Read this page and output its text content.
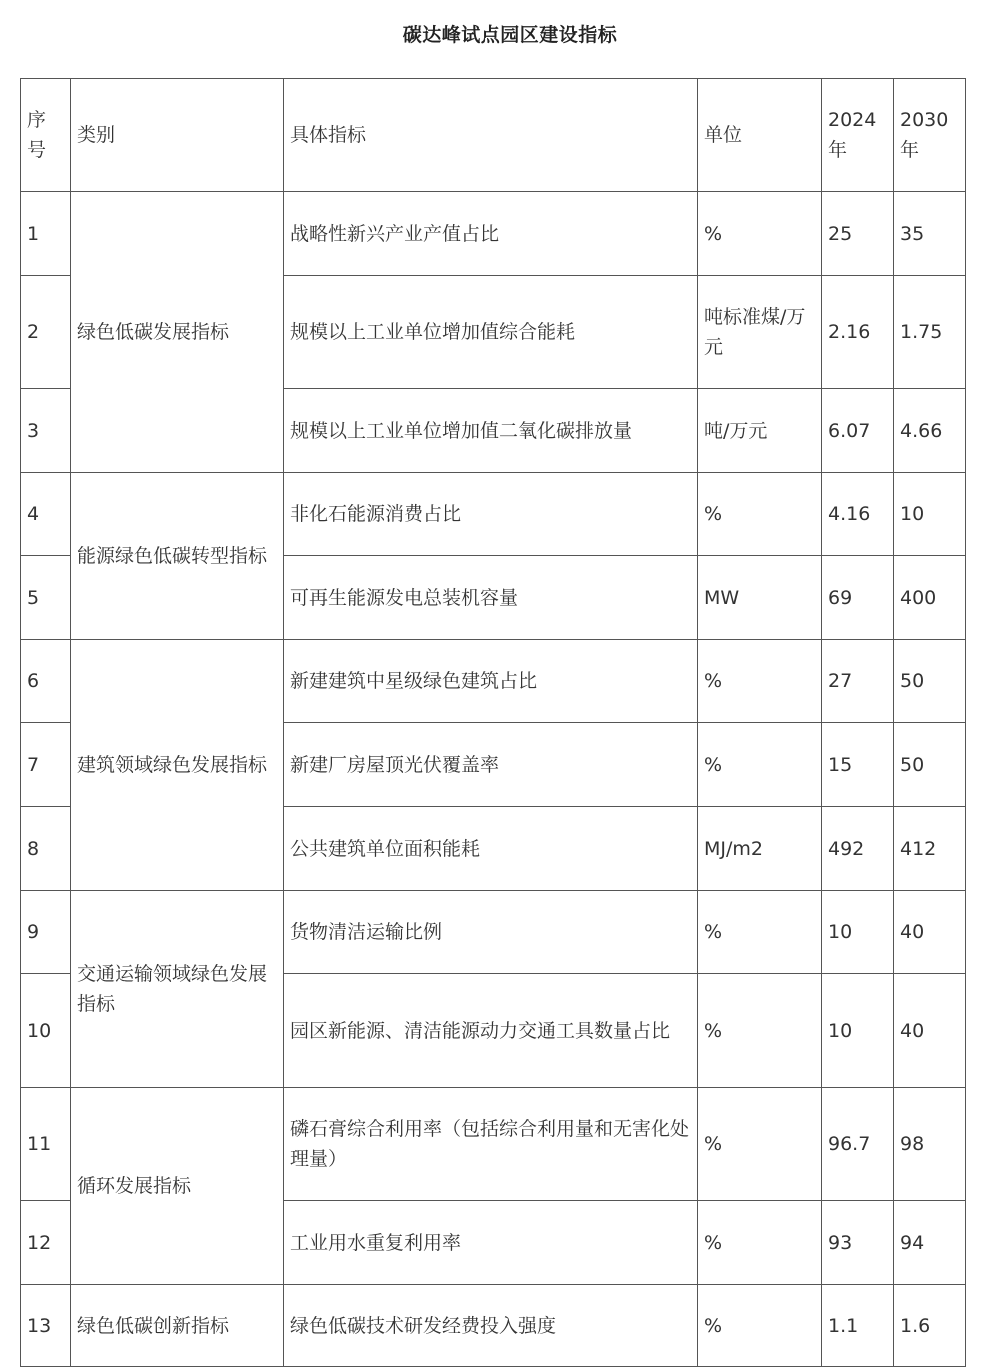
碳达峰试点园区建设指标
序号	类别	具体指标	单位	2024年	2030年
1	绿色低碳发展指标	战略性新兴产业产值占比	%	25	35
2		规模以上工业单位增加值综合能耗	吨标准煤/万元	2.16	1.75
3		规模以上工业单位增加值二氧化碳排放量	吨/万元	6.07	4.66
4	能源绿色低碳转型指标	非化石能源消费占比	%	4.16	10
5		可再生能源发电总装机容量	MW	69	400
6	建筑领域绿色发展指标	新建建筑中星级绿色建筑占比	%	27	50
7		新建厂房屋顶光伏覆盖率	%	15	50
8		公共建筑单位面积能耗	MJ/m2	492	412
9	交通运输领域绿色发展指标	货物清洁运输比例	%	10	40
10		园区新能源、清洁能源动力交通工具数量占比	%	10	40
11	循环发展指标	磷石膏综合利用率（包括综合利用量和无害化处理量）	%	96.7	98
12		工业用水重复利用率	%	93	94
13	绿色低碳创新指标	绿色低碳技术研发经费投入强度	%	1.1	1.6
